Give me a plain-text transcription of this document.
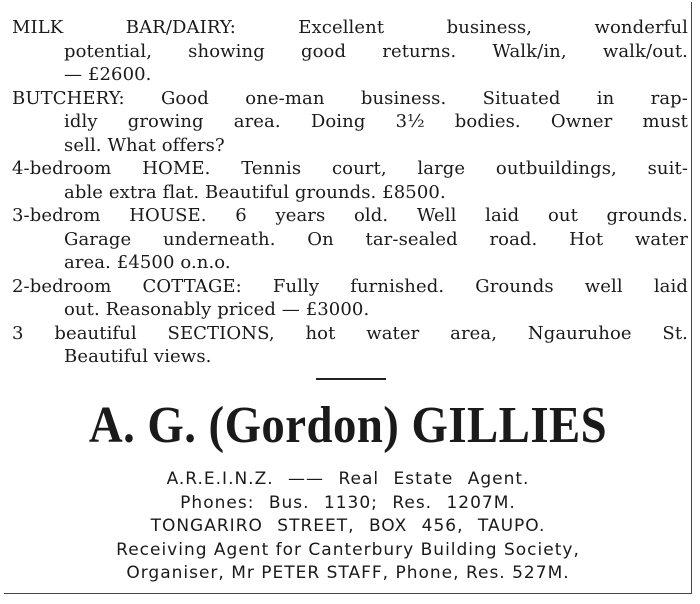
MILK BAR/DAIRY: Excellent business, wonderful
potential, showing good returns. Walk/in, walk/out.
— £2600.
BUTCHERY: Good one-man business. Situated in rap-
idly growing area. Doing 3½ bodies. Owner must
sell. What offers?
4-bedroom HOME. Tennis court, large outbuildings, suit-
able extra flat. Beautiful grounds. £8500.
3-bedrom HOUSE. 6 years old. Well laid out grounds.
Garage underneath. On tar-sealed road. Hot water
area. £4500 o.n.o.
2-bedroom COTTAGE: Fully furnished. Grounds well laid
out. Reasonably priced — £3000.
3 beautiful SECTIONS, hot water area, Ngauruhoe St.
Beautiful views.
A. G. (Gordon) GILLIES
A.R.E.I.N.Z. —— Real Estate Agent.
Phones: Bus. 1130; Res. 1207M.
TONGARIRO STREET, BOX 456, TAUPO.
Receiving Agent for Canterbury Building Society,
Organiser, Mr PETER STAFF, Phone, Res. 527M.
